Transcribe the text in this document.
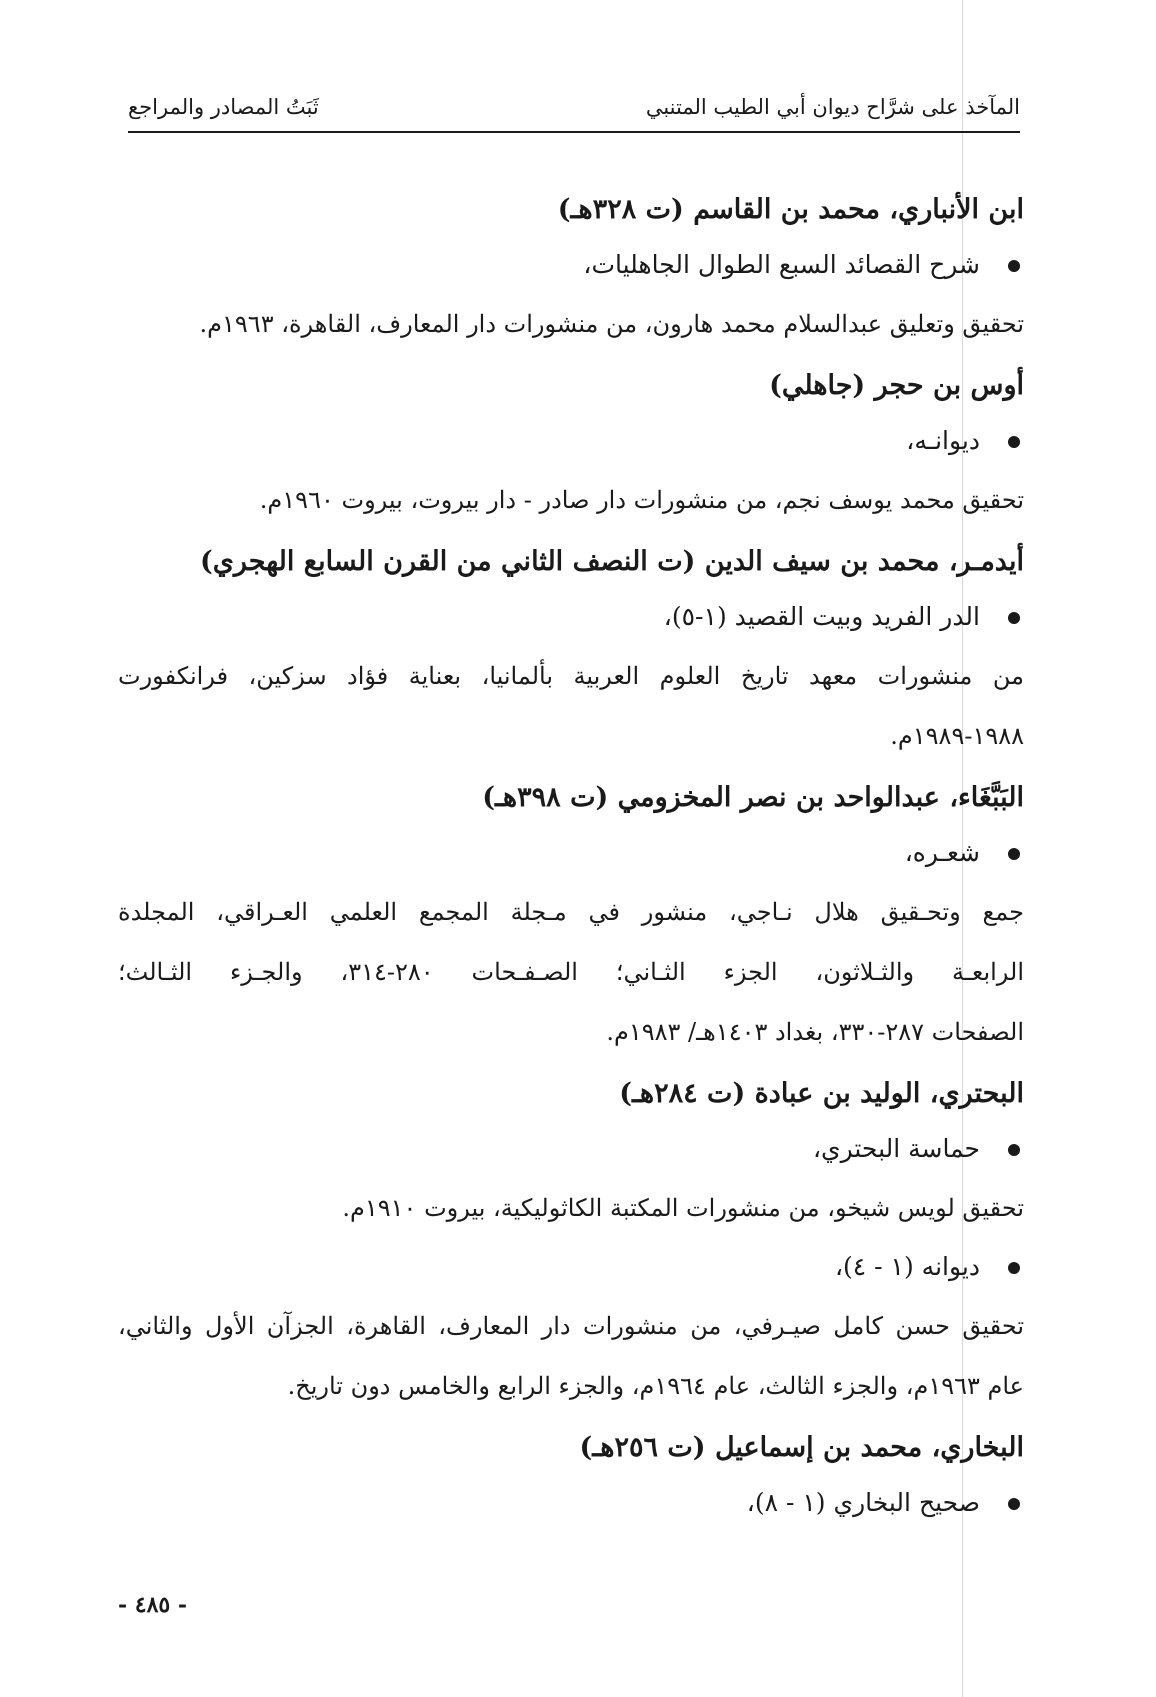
المآخذ على شرَّاح ديوان أبي الطيب المتنبي
ثَبَتُ المصادر والمراجع
ابن الأنباري، محمد بن القاسم (ت ٣٢٨هـ)
شرح القصائد السبع الطوال الجاهليات،
تحقيق وتعليق عبدالسلام محمد هارون، من منشورات دار المعارف، القاهرة، ١٩٦٣م.
أوس بن حجر (جاهلي)
ديوانـه،
تحقيق محمد يوسف نجم، من منشورات دار صادر - دار بيروت، بيروت ١٩٦٠م.
أيدمـر، محمد بن سيف الدين (ت النصف الثاني من القرن السابع الهجري)
الدر الفريد وبيت القصيد (١-٥)،
من منشورات معهد تاريخ العلوم العربية بألمانيا، بعناية فؤاد سزكين، فرانكفورت
١٩٨٨-١٩٨٩م.
البَبَّغَاء، عبدالواحد بن نصر المخزومي (ت ٣٩٨هـ)
شعـره،
جمع وتحـقيق هلال نـاجي، منشور في مـجلة المجمع العلمي العـراقي، المجلدة
الرابعـة والثـلاثون، الجزء الثـاني؛ الصـفـحات ٢٨٠-٣١٤، والجـزء الثـالث؛
الصفحات ٢٨٧-٣٣٠، بغداد ١٤٠٣هـ/ ١٩٨٣م.
البحتري، الوليد بن عبادة (ت ٢٨٤هـ)
حماسة البحتري،
تحقيق لويس شيخو، من منشورات المكتبة الكاثوليكية، بيروت ١٩١٠م.
ديوانه (١ - ٤)،
تحقيق حسن كامل صيـرفي، من منشورات دار المعارف، القاهرة، الجزآن الأول والثاني،
عام ١٩٦٣م، والجزء الثالث، عام ١٩٦٤م، والجزء الرابع والخامس دون تاريخ.
البخاري، محمد بن إسماعيل (ت ٢٥٦هـ)
صحيح البخاري (١ - ٨)،
- ٤٨٥ -
